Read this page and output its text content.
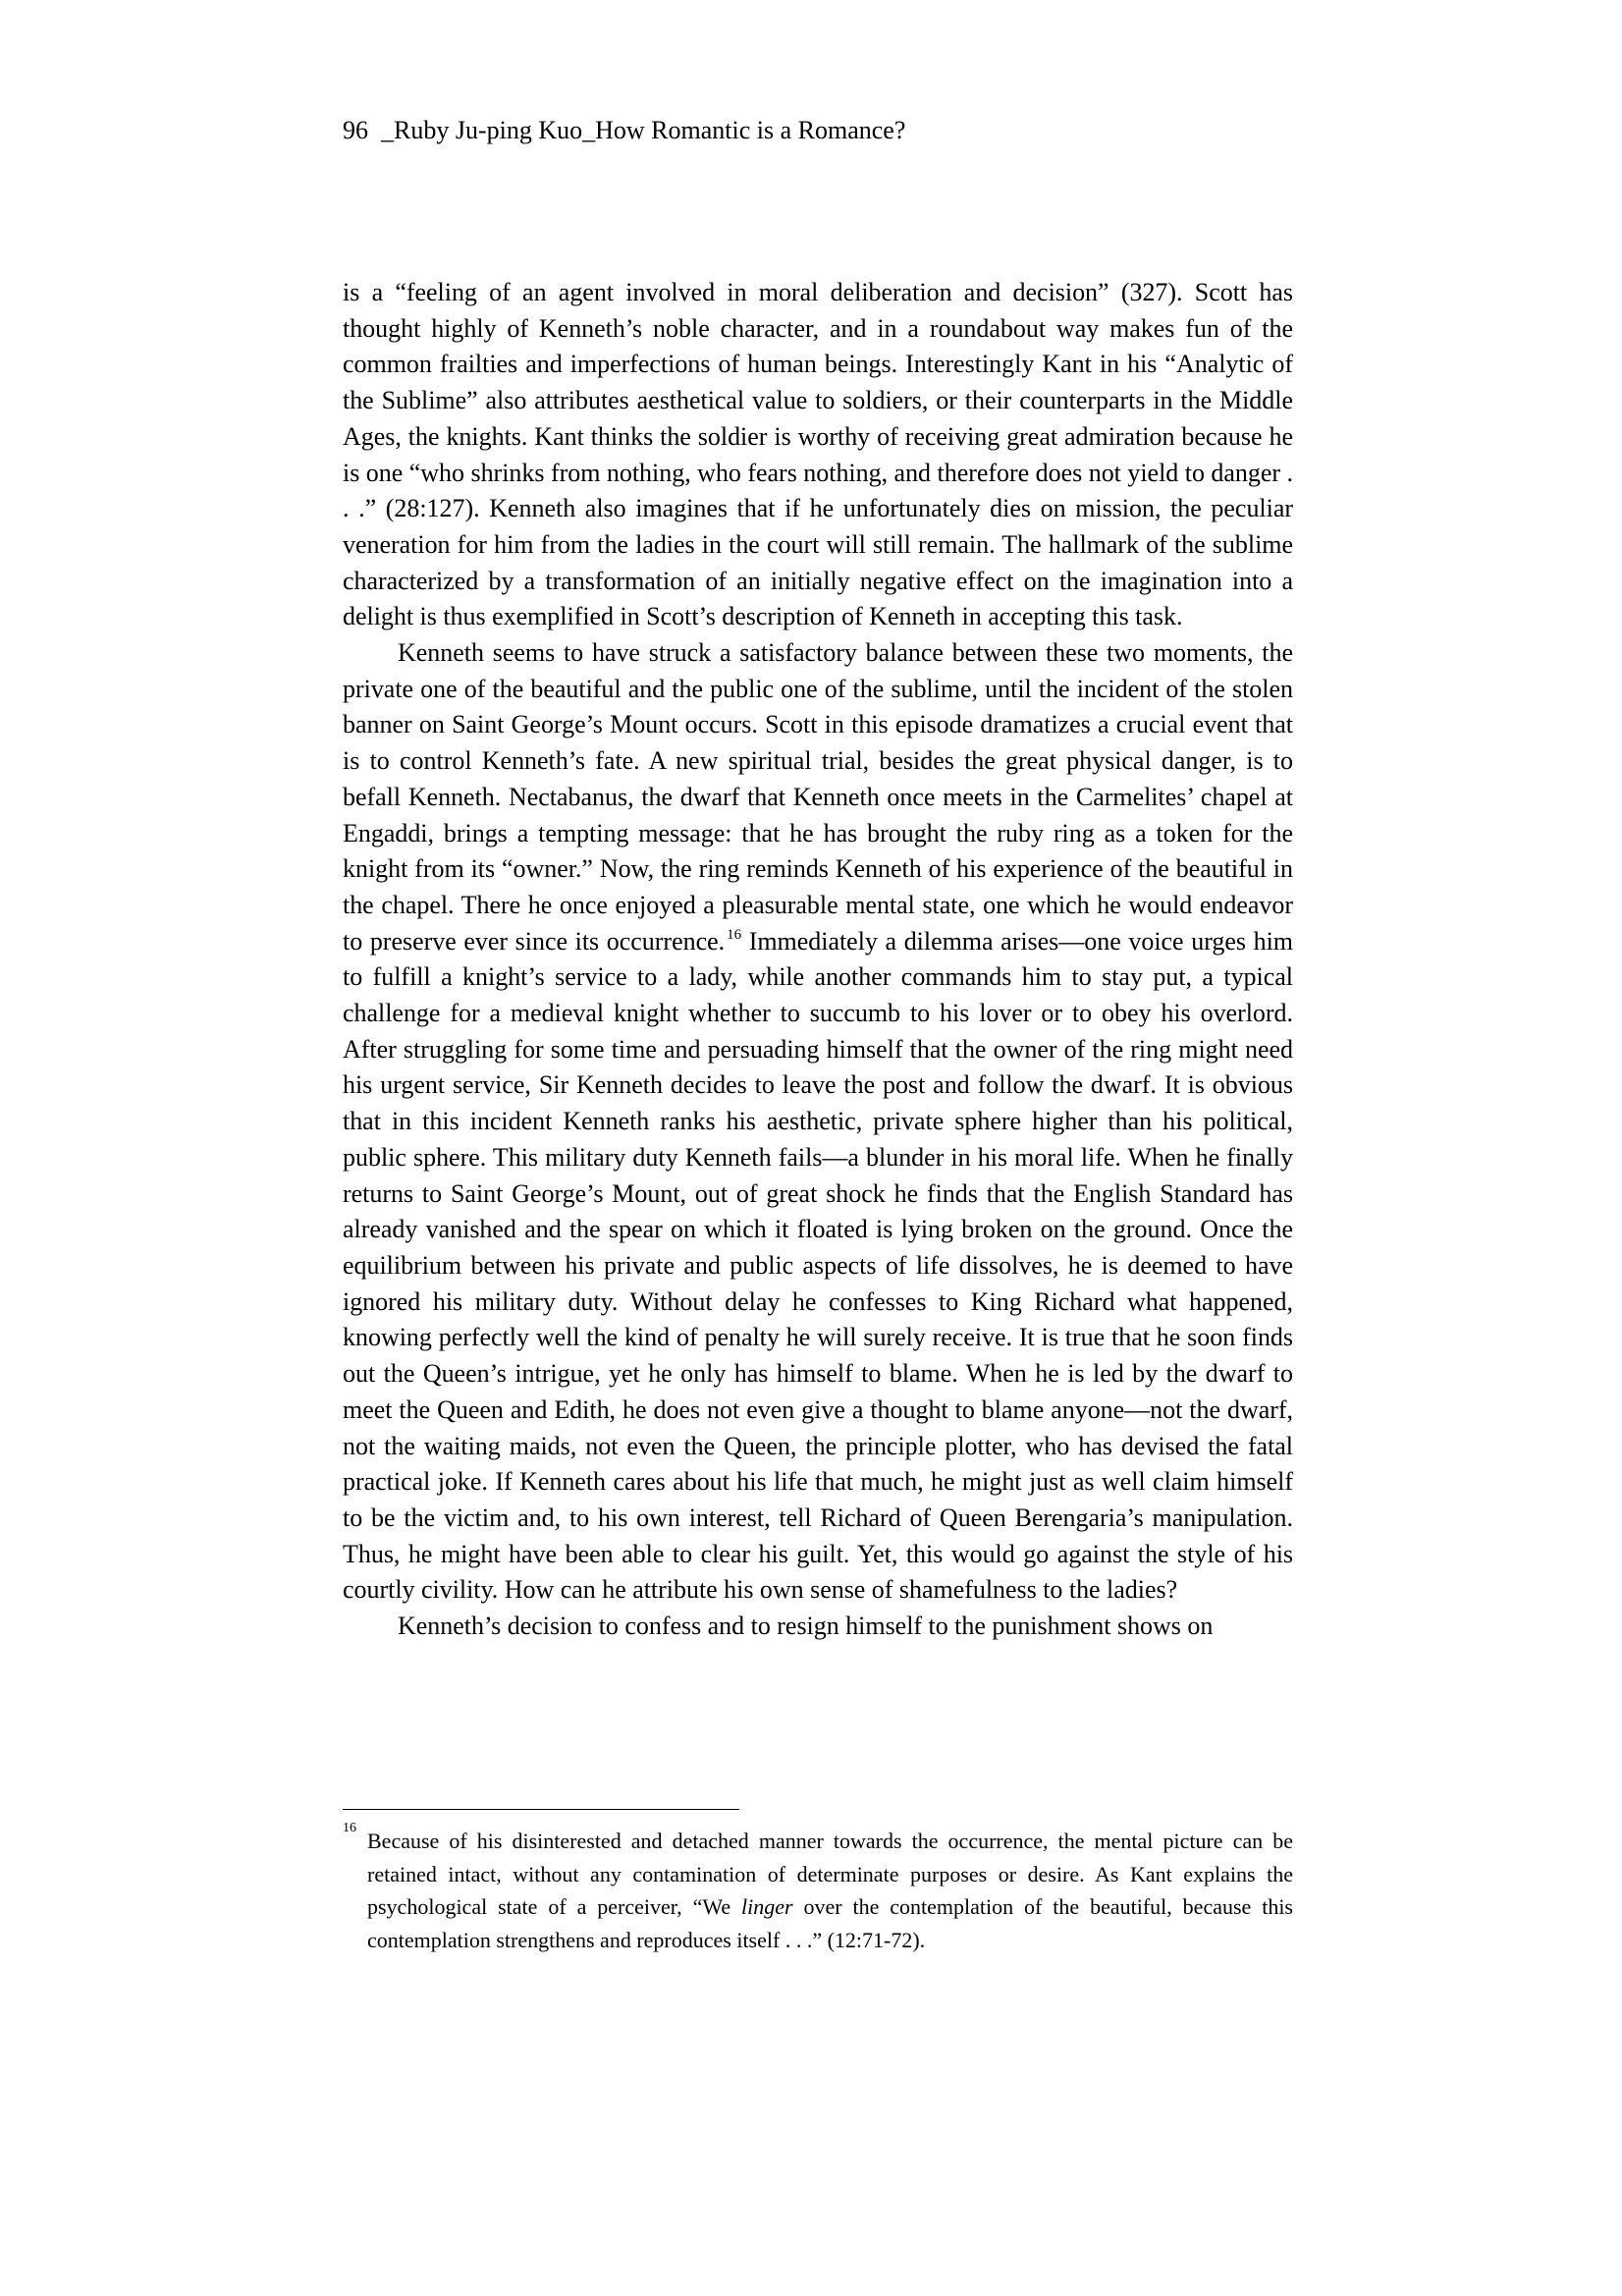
96  _Ruby Ju-ping Kuo_How Romantic is a Romance?

is a “feeling of an agent involved in moral deliberation and decision” (327). Scott has thought highly of Kenneth’s noble character, and in a roundabout way makes fun of the common frailties and imperfections of human beings. Interestingly Kant in his “Analytic of the Sublime” also attributes aesthetical value to soldiers, or their counterparts in the Middle Ages, the knights. Kant thinks the soldier is worthy of receiving great admiration because he is one “who shrinks from nothing, who fears nothing, and therefore does not yield to danger . . .” (28:127). Kenneth also imagines that if he unfortunately dies on mission, the peculiar veneration for him from the ladies in the court will still remain. The hallmark of the sublime characterized by a transformation of an initially negative effect on the imagination into a delight is thus exemplified in Scott’s description of Kenneth in accepting this task.

Kenneth seems to have struck a satisfactory balance between these two moments, the private one of the beautiful and the public one of the sublime, until the incident of the stolen banner on Saint George’s Mount occurs. Scott in this episode dramatizes a crucial event that is to control Kenneth’s fate. A new spiritual trial, besides the great physical danger, is to befall Kenneth. Nectabanus, the dwarf that Kenneth once meets in the Carmelites’ chapel at Engaddi, brings a tempting message: that he has brought the ruby ring as a token for the knight from its “owner.” Now, the ring reminds Kenneth of his experience of the beautiful in the chapel. There he once enjoyed a pleasurable mental state, one which he would endeavor to preserve ever since its occurrence. $^{16}$ Immediately a dilemma arises—one voice urges him to fulfill a knight’s service to a lady, while another commands him to stay put, a typical challenge for a medieval knight whether to succumb to his lover or to obey his overlord. After struggling for some time and persuading himself that the owner of the ring might need his urgent service, Sir Kenneth decides to leave the post and follow the dwarf. It is obvious that in this incident Kenneth ranks his aesthetic, private sphere higher than his political, public sphere. This military duty Kenneth fails—a blunder in his moral life. When he finally returns to Saint George’s Mount, out of great shock he finds that the English Standard has already vanished and the spear on which it floated is lying broken on the ground. Once the equilibrium between his private and public aspects of life dissolves, he is deemed to have ignored his military duty. Without delay he confesses to King Richard what happened, knowing perfectly well the kind of penalty he will surely receive. It is true that he soon finds out the Queen’s intrigue, yet he only has himself to blame. When he is led by the dwarf to meet the Queen and Edith, he does not even give a thought to blame anyone—not the dwarf, not the waiting maids, not even the Queen, the principle plotter, who has devised the fatal practical joke. If Kenneth cares about his life that much, he might just as well claim himself to be the victim and, to his own interest, tell Richard of Queen Berengaria’s manipulation. Thus, he might have been able to clear his guilt. Yet, this would go against the style of his courtly civility. How can he attribute his own sense of shamefulness to the ladies?

Kenneth’s decision to confess and to resign himself to the punishment shows on

16

Because of his disinterested and detached manner towards the occurrence, the mental picture can be retained intact, without any contamination of determinate purposes or desire. As Kant explains the psychological state of a perceiver, “We linger over the contemplation of the beautiful, because this contemplation strengthens and reproduces itself . . .” (12:71-72).
